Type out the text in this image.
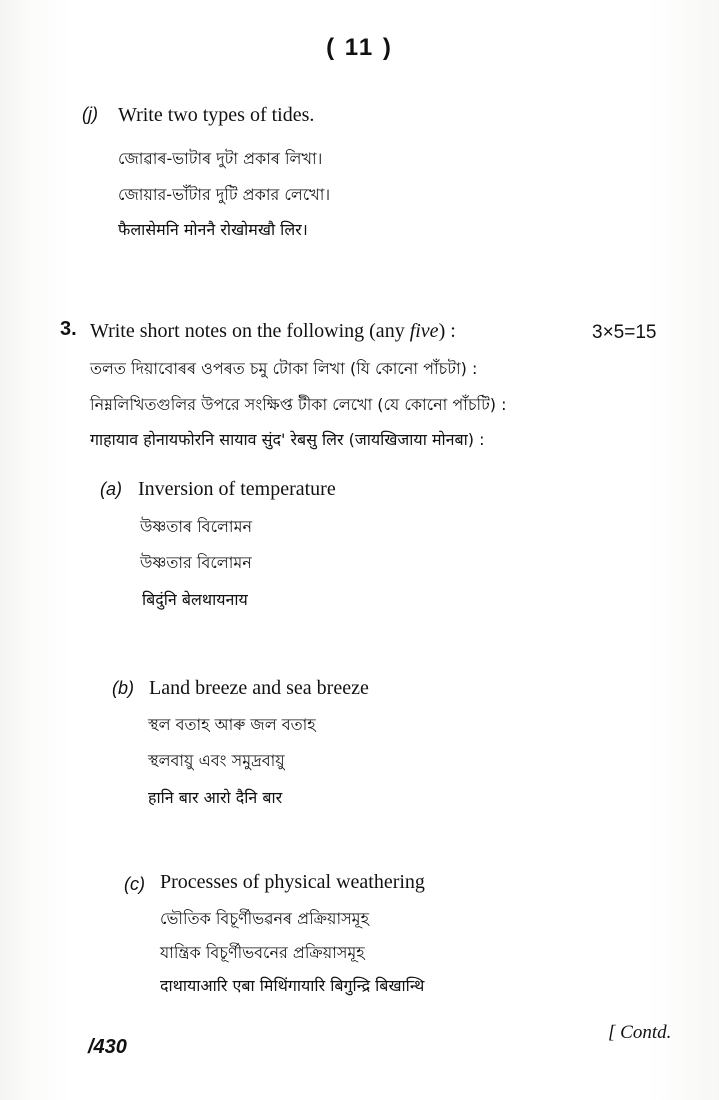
( 11 )
(j) Write two types of tides.
জোৱাৰ-ভাটাৰ দুটা প্ৰকাৰ লিখা।
জোয়ার-ভাঁটার দুটি প্রকার লেখো।
फैलासेमनि मोननै रोखोमखौ लिर।
3. Write short notes on the following (any five) :	3×5=15
তলত দিয়াবোৰৰ ওপৰত চমু টোকা লিখা (যি কোনো পাঁচটা) :
নিম্নলিখিতগুলির উপরে সংক্ষিপ্ত টীকা লেখো (যে কোনো পাঁচটি) :
गाहायाव होनायफोरनि सायाव सुंद' रेबसु लिर (जायखिजाया मोनबा) :
(a) Inversion of temperature
উষ্ণতাৰ বিলোমন
উষ্ণতার বিলোমন
बिदुंनि बेलथायनाय
(b) Land breeze and sea breeze
স্থল বতাহ আৰু জল বতাহ
স্থলবায়ু এবং সমুদ্রবায়ু
हानि बार आरो दैनि बार
(c) Processes of physical weathering
ভৌতিক বিচূৰ্ণীভৱনৰ প্ৰক্ৰিয়াসমূহ
যান্ত্রিক বিচূর্ণীভবনের প্রক্রিয়াসমূহ
दाथायाआरि एबा मिथिंगायारि बिगुन्द्रि बिखान्थि
/430
[ Contd.
